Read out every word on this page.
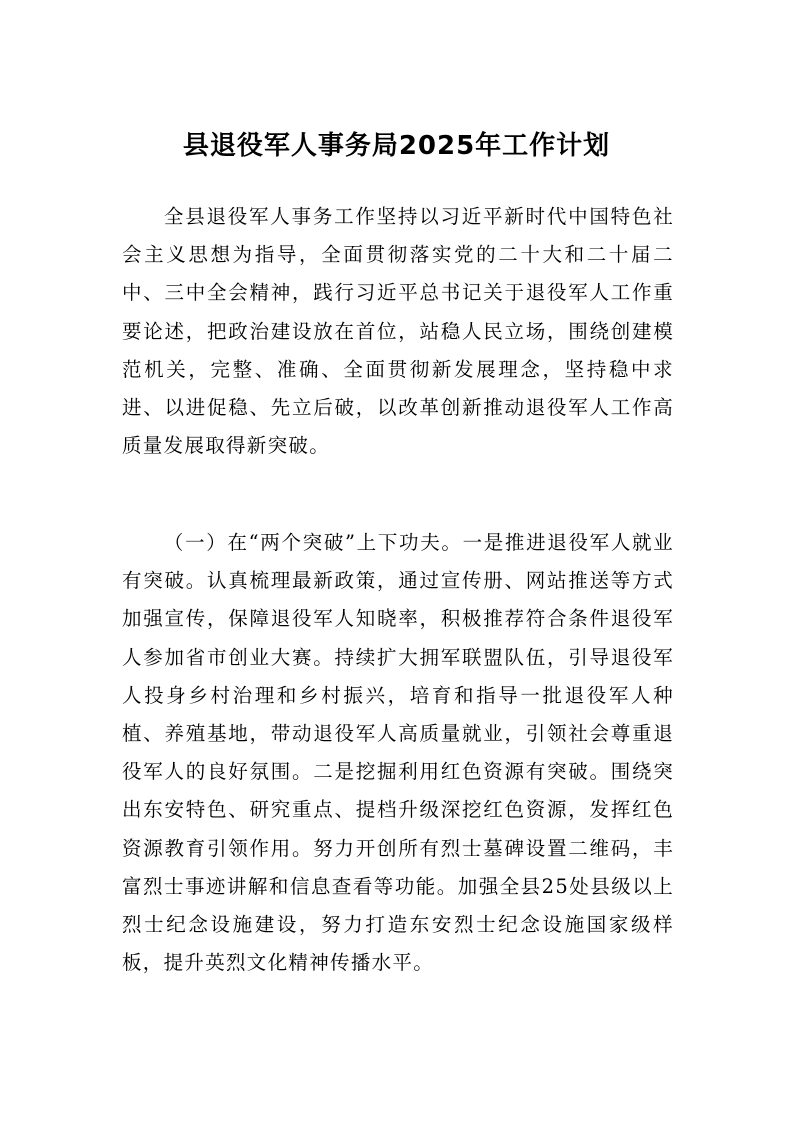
县退役军人事务局2025年工作计划

全县退役军人事务工作坚持以习近平新时代中国特色社会主义思想为指导，全面贯彻落实党的二十大和二十届二中、三中全会精神，践行习近平总书记关于退役军人工作重要论述，把政治建设放在首位，站稳人民立场，围绕创建模范机关，完整、准确、全面贯彻新发展理念，坚持稳中求进、以进促稳、先立后破，以改革创新推动退役军人工作高质量发展取得新突破。

（一）在“两个突破”上下功夫。一是推进退役军人就业有突破。认真梳理最新政策，通过宣传册、网站推送等方式加强宣传，保障退役军人知晓率，积极推荐符合条件退役军人参加省市创业大赛。持续扩大拥军联盟队伍，引导退役军人投身乡村治理和乡村振兴，培育和指导一批退役军人种植、养殖基地，带动退役军人高质量就业，引领社会尊重退役军人的良好氛围。二是挖掘利用红色资源有突破。围绕突出东安特色、研究重点、提档升级深挖红色资源，发挥红色资源教育引领作用。努力开创所有烈士墓碑设置二维码，丰富烈士事迹讲解和信息查看等功能。加强全县25处县级以上烈士纪念设施建设，努力打造东安烈士纪念设施国家级样板，提升英烈文化精神传播水平。
